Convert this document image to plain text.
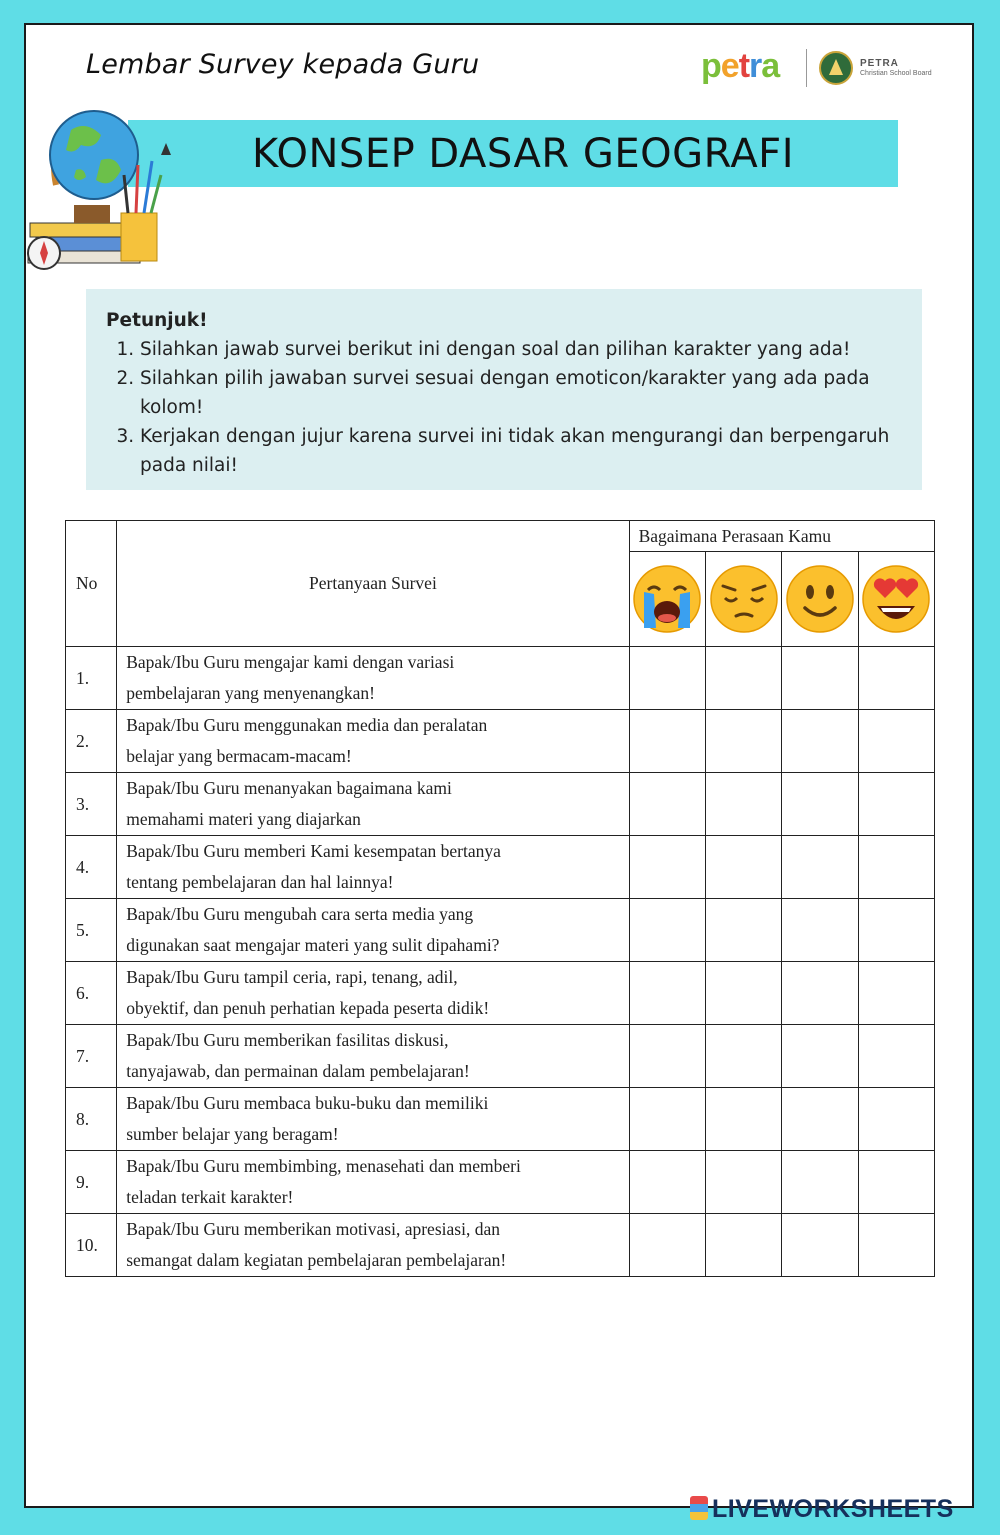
Lembar Survey kepada Guru	petra	PETRA
Christian School Board
KONSEP DASAR GEOGRAFI
Petunjuk!
1. Silahkan jawab survei berikut ini dengan soal dan pilihan karakter yang ada!
2. Silahkan pilih jawaban survei sesuai dengan emoticon/karakter yang ada pada kolom!
3. Kerjakan dengan jujur karena survei ini tidak akan mengurangi dan berpengaruh pada nilai!
No	Pertanyaan Survei	Bagaimana Perasaan Kamu			

1.	Bapak/Ibu Guru mengajar kami dengan variasi
pembelajaran yang menyenangkan!				
2.	Bapak/Ibu Guru menggunakan media dan peralatan
belajar yang bermacam-macam!				
3.	Bapak/Ibu Guru menanyakan bagaimana kami
memahami materi yang diajarkan				
4.	Bapak/Ibu Guru memberi Kami kesempatan bertanya
tentang pembelajaran dan hal lainnya!				
5.	Bapak/Ibu Guru mengubah cara serta media yang
digunakan saat mengajar materi yang sulit dipahami?				
6.	Bapak/Ibu Guru tampil ceria, rapi, tenang, adil,
obyektif, dan penuh perhatian kepada peserta didik!				
7.	Bapak/Ibu Guru memberikan fasilitas diskusi,
tanyajawab, dan permainan dalam pembelajaran!				
8.	Bapak/Ibu Guru membaca buku-buku dan memiliki
sumber belajar yang beragam!				
9.	Bapak/Ibu Guru membimbing, menasehati dan memberi
teladan terkait karakter!				
10.	Bapak/Ibu Guru memberikan motivasi, apresiasi, dan
semangat dalam kegiatan pembelajaran pembelajaran!				
LIVEWORKSHEETS
